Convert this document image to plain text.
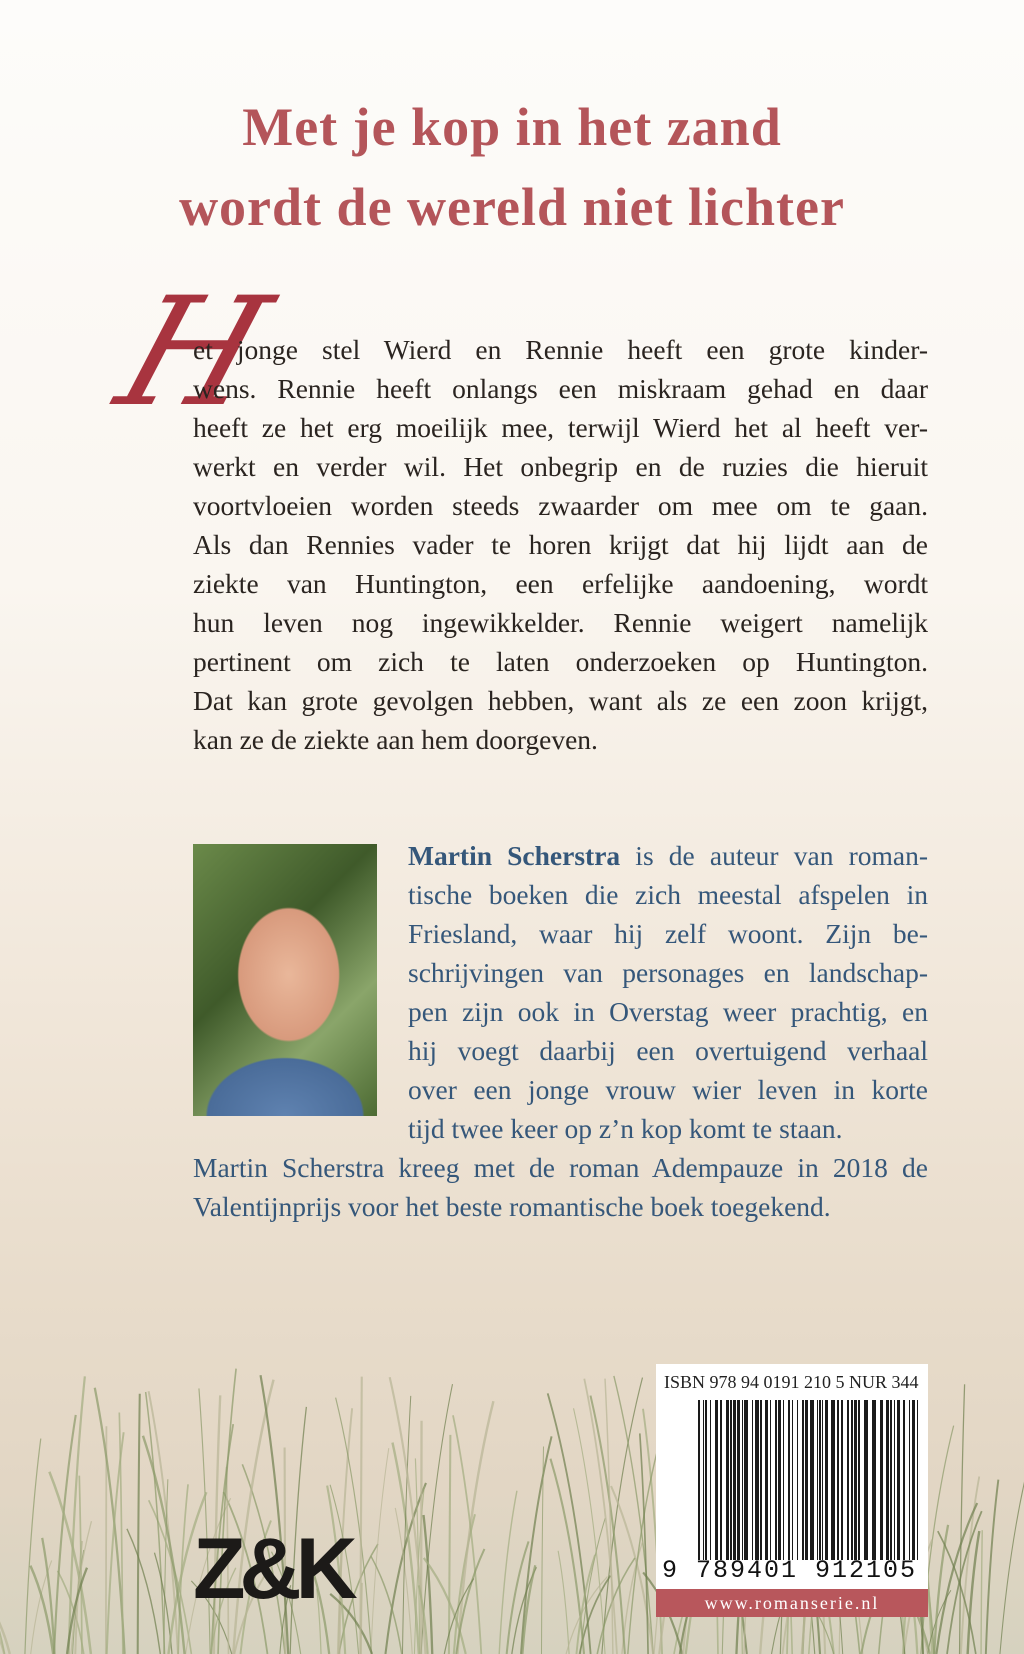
Met je kop in het zand
wordt de wereld niet lichter
H
et jonge stel Wierd en Rennie heeft een grote kinder-
wens. Rennie heeft onlangs een miskraam gehad en daar
heeft ze het erg moeilijk mee, terwijl Wierd het al heeft ver-
werkt en verder wil. Het onbegrip en de ruzies die hieruit
voortvloeien worden steeds zwaarder om mee om te gaan.
Als dan Rennies vader te horen krijgt dat hij lijdt aan de
ziekte van Huntington, een erfelijke aandoening, wordt
hun leven nog ingewikkelder. Rennie weigert namelijk
pertinent om zich te laten onderzoeken op Huntington.
Dat kan grote gevolgen hebben, want als ze een zoon krijgt,
kan ze de ziekte aan hem doorgeven.
Martin Scherstra is de auteur van roman-
tische boeken die zich meestal afspelen in
Friesland, waar hij zelf woont. Zijn be-
schrijvingen van personages en landschap-
pen zijn ook in Overstag weer prachtig, en
hij voegt daarbij een overtuigend verhaal
over een jonge vrouw wier leven in korte
tijd twee keer op z’n kop komt te staan.
Martin Scherstra kreeg met de roman Adempauze in 2018 de
Valentijnprijs voor het beste romantische boek toegekend.
Z&K
ISBN 978 94 0191 210 5 NUR 344
9 789401 912105
www.romanserie.nl
